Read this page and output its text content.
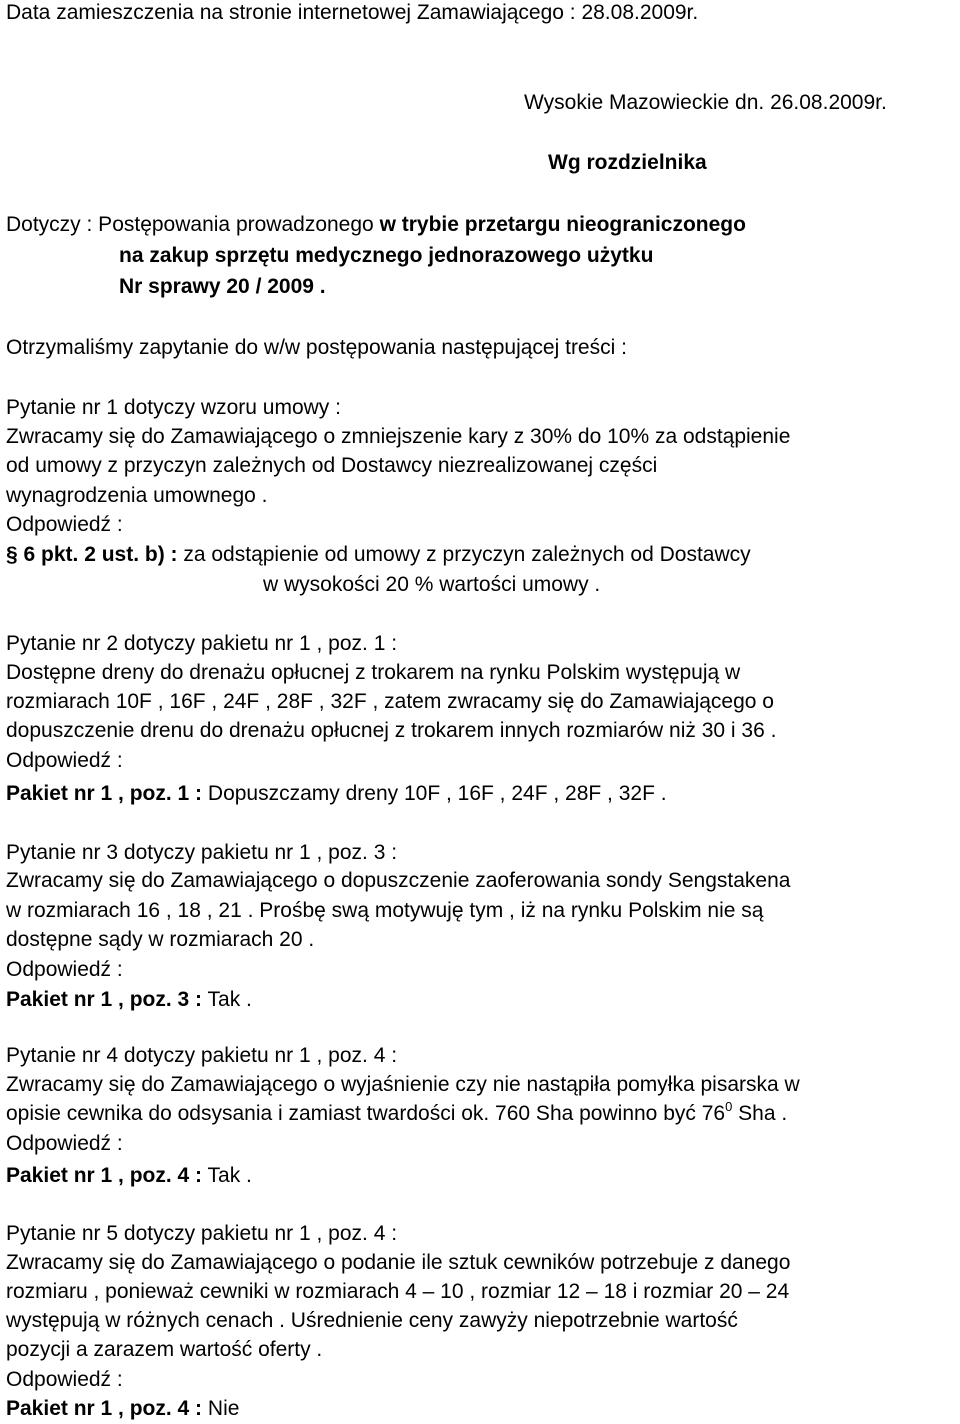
Data zamieszczenia na stronie internetowej Zamawiającego : 28.08.2009r.
Wysokie Mazowieckie dn. 26.08.2009r.
Wg rozdzielnika
Dotyczy : Postępowania prowadzonego w trybie przetargu nieograniczonego
na zakup sprzętu medycznego jednorazowego użytku
Nr sprawy 20 / 2009 .
Otrzymaliśmy zapytanie do w/w postępowania następującej treści :
Pytanie nr 1 dotyczy wzoru umowy :
Zwracamy się do Zamawiającego o zmniejszenie kary z 30% do 10% za odstąpienie
od umowy z przyczyn zależnych od Dostawcy niezrealizowanej części
wynagrodzenia umownego .
Odpowiedź :
§ 6 pkt. 2 ust. b) : za odstąpienie od umowy z przyczyn zależnych od Dostawcy
w wysokości 20 % wartości umowy .
Pytanie nr 2 dotyczy pakietu nr 1 , poz. 1 :
Dostępne dreny do drenażu opłucnej z trokarem na rynku Polskim występują w
rozmiarach 10F , 16F , 24F , 28F , 32F , zatem zwracamy się do Zamawiającego o
dopuszczenie drenu do drenażu opłucnej z trokarem innych rozmiarów niż 30 i 36 .
Odpowiedź :
Pakiet nr 1 , poz. 1 : Dopuszczamy dreny 10F , 16F , 24F , 28F , 32F .
Pytanie nr 3 dotyczy pakietu nr 1 , poz. 3 :
Zwracamy się do Zamawiającego o dopuszczenie zaoferowania sondy Sengstakena
w rozmiarach 16 , 18 , 21 . Prośbę swą motywuję tym , iż na rynku Polskim nie są
dostępne sądy w rozmiarach 20 .
Odpowiedź :
Pakiet nr 1 , poz. 3 : Tak .
Pytanie nr 4 dotyczy pakietu nr 1 , poz. 4 :
Zwracamy się do Zamawiającego o wyjaśnienie czy nie nastąpiła pomyłka pisarska w
opisie cewnika do odsysania i zamiast twardości ok. 760 Sha powinno być $76^0$ Sha .
Odpowiedź :
Pakiet nr 1 , poz. 4 : Tak .
Pytanie nr 5 dotyczy pakietu nr 1 , poz. 4 :
Zwracamy się do Zamawiającego o podanie ile sztuk cewników potrzebuje z danego
rozmiaru , ponieważ cewniki w rozmiarach 4 – 10 , rozmiar 12 – 18 i rozmiar 20 – 24
występują w różnych cenach . Uśrednienie ceny zawyży niepotrzebnie wartość
pozycji a zarazem wartość oferty .
Odpowiedź :
Pakiet nr 1 , poz. 4 : Nie
